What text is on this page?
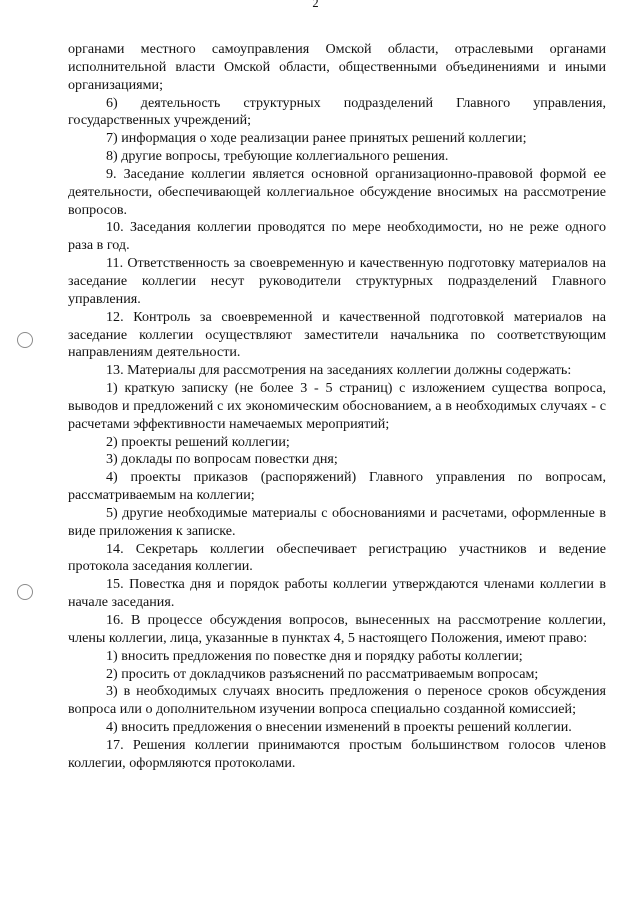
2

органами местного самоуправления Омской области, отраслевыми органами исполнительной власти Омской области, общественными объединениями и иными организациями;

6) деятельность структурных подразделений Главного управления, государственных учреждений;

7) информация о ходе реализации ранее принятых решений коллегии;

8) другие вопросы, требующие коллегиального решения.

9. Заседание коллегии является основной организационно-правовой формой ее деятельности, обеспечивающей коллегиальное обсуждение вносимых на рассмотрение вопросов.

10. Заседания коллегии проводятся по мере необходимости, но не реже одного раза в год.

11. Ответственность за своевременную и качественную подготовку материалов на заседание коллегии несут руководители структурных подразделений Главного управления.

12. Контроль за своевременной и качественной подготовкой материалов на заседание коллегии осуществляют заместители начальника по соответствующим направлениям деятельности.

13. Материалы для рассмотрения на заседаниях коллегии должны содержать:

1) краткую записку (не более 3 - 5 страниц) с изложением существа вопроса, выводов и предложений с их экономическим обоснованием, а в необходимых случаях - с расчетами эффективности намечаемых мероприятий;

2) проекты решений коллегии;

3) доклады по вопросам повестки дня;

4) проекты приказов (распоряжений) Главного управления по вопросам, рассматриваемым на коллегии;

5) другие необходимые материалы с обоснованиями и расчетами, оформленные в виде приложения к записке.

14. Секретарь коллегии обеспечивает регистрацию участников и ведение протокола заседания коллегии.

15. Повестка дня и порядок работы коллегии утверждаются членами коллегии в начале заседания.

16. В процессе обсуждения вопросов, вынесенных на рассмотрение коллегии, члены коллегии, лица, указанные в пунктах 4, 5 настоящего Положения, имеют право:

1) вносить предложения по повестке дня и порядку работы коллегии;

2) просить от докладчиков разъяснений по рассматриваемым вопросам;

3) в необходимых случаях вносить предложения о переносе сроков обсуждения вопроса или о дополнительном изучении вопроса специально созданной комиссией;

4) вносить предложения о внесении изменений в проекты решений коллегии.

17. Решения коллегии принимаются простым большинством голосов членов коллегии, оформляются протоколами.
